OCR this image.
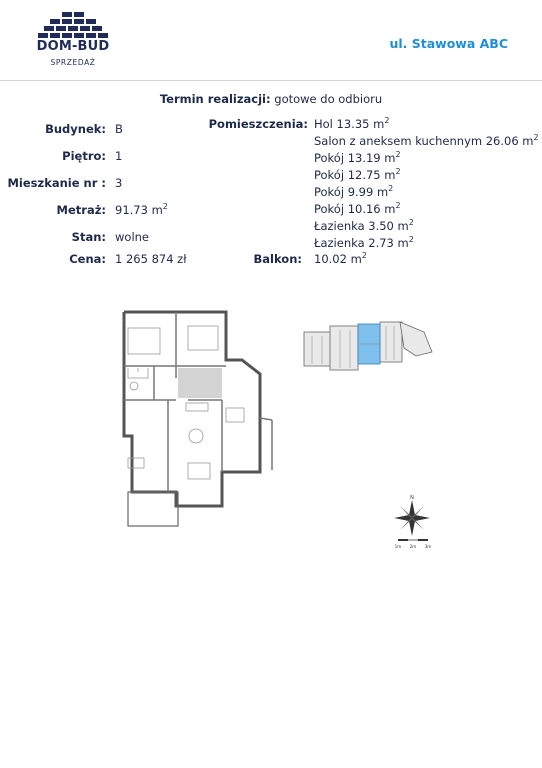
DOM-BUD
SPRZEDAŻ
ul. Stawowa ABC
Termin realizacji: gotowe do odbioru
Budynek: B
Piętro: 1
Mieszkanie nr : 3
Metraż: 91.73 $m^2$
Stan: wolne
Cena: 1 265 874 zł
Pomieszczenia: Hol 13.35 $m^2$
Salon z aneksem kuchennym 26.06 $m^2$
Pokój 13.19 $m^2$
Pokój 12.75 $m^2$
Pokój 9.99 $m^2$
Pokój 10.16 $m^2$
Łazienka 3.50 $m^2$
Łazienka 2.73 $m^2$
Balkon: 10.02 $m^2$
N
1m 2m 3m
